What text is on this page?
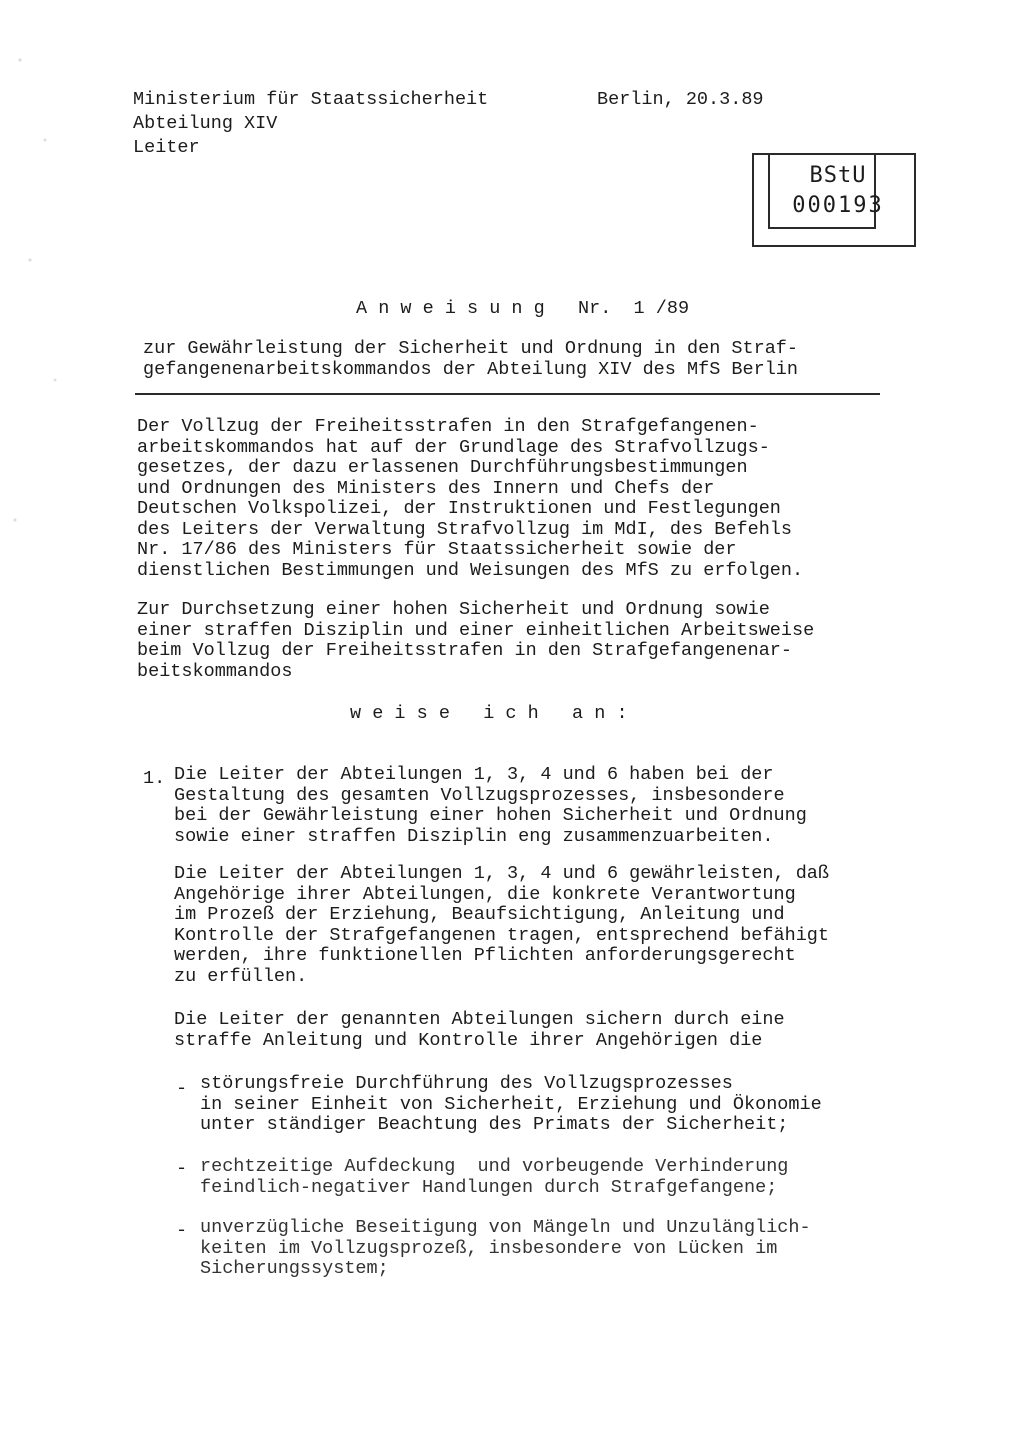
Ministerium für Staatssicherheit
Abteilung XIV
Leiter
Berlin, 20.3.89
BStU
000193
A n w e i s u n g   Nr.  1 /89
zur Gewährleistung der Sicherheit und Ordnung in den Straf-
gefangenenarbeitskommandos der Abteilung XIV des MfS Berlin
Der Vollzug der Freiheitsstrafen in den Strafgefangenen-
arbeitskommandos hat auf der Grundlage des Strafvollzugs-
gesetzes, der dazu erlassenen Durchführungsbestimmungen
und Ordnungen des Ministers des Innern und Chefs der
Deutschen Volkspolizei, der Instruktionen und Festlegungen
des Leiters der Verwaltung Strafvollzug im MdI, des Befehls
Nr. 17/86 des Ministers für Staatssicherheit sowie der
dienstlichen Bestimmungen und Weisungen des MfS zu erfolgen.
Zur Durchsetzung einer hohen Sicherheit und Ordnung sowie
einer straffen Disziplin und einer einheitlichen Arbeitsweise
beim Vollzug der Freiheitsstrafen in den Strafgefangenenar-
beitskommandos
w e i s e   i c h   a n :
1. Die Leiter der Abteilungen 1, 3, 4 und 6 haben bei der
Gestaltung des gesamten Vollzugsprozesses, insbesondere
bei der Gewährleistung einer hohen Sicherheit und Ordnung
sowie einer straffen Disziplin eng zusammenzuarbeiten.
Die Leiter der Abteilungen 1, 3, 4 und 6 gewährleisten, daß
Angehörige ihrer Abteilungen, die konkrete Verantwortung
im Prozeß der Erziehung, Beaufsichtigung, Anleitung und
Kontrolle der Strafgefangenen tragen, entsprechend befähigt
werden, ihre funktionellen Pflichten anforderungsgerecht
zu erfüllen.
Die Leiter der genannten Abteilungen sichern durch eine
straffe Anleitung und Kontrolle ihrer Angehörigen die
- störungsfreie Durchführung des Vollzugsprozesses
in seiner Einheit von Sicherheit, Erziehung und Ökonomie
unter ständiger Beachtung des Primats der Sicherheit;
- rechtzeitige Aufdeckung  und vorbeugende Verhinderung
feindlich-negativer Handlungen durch Strafgefangene;
- unverzügliche Beseitigung von Mängeln und Unzulänglich-
keiten im Vollzugsprozeß, insbesondere von Lücken im
Sicherungssystem;
